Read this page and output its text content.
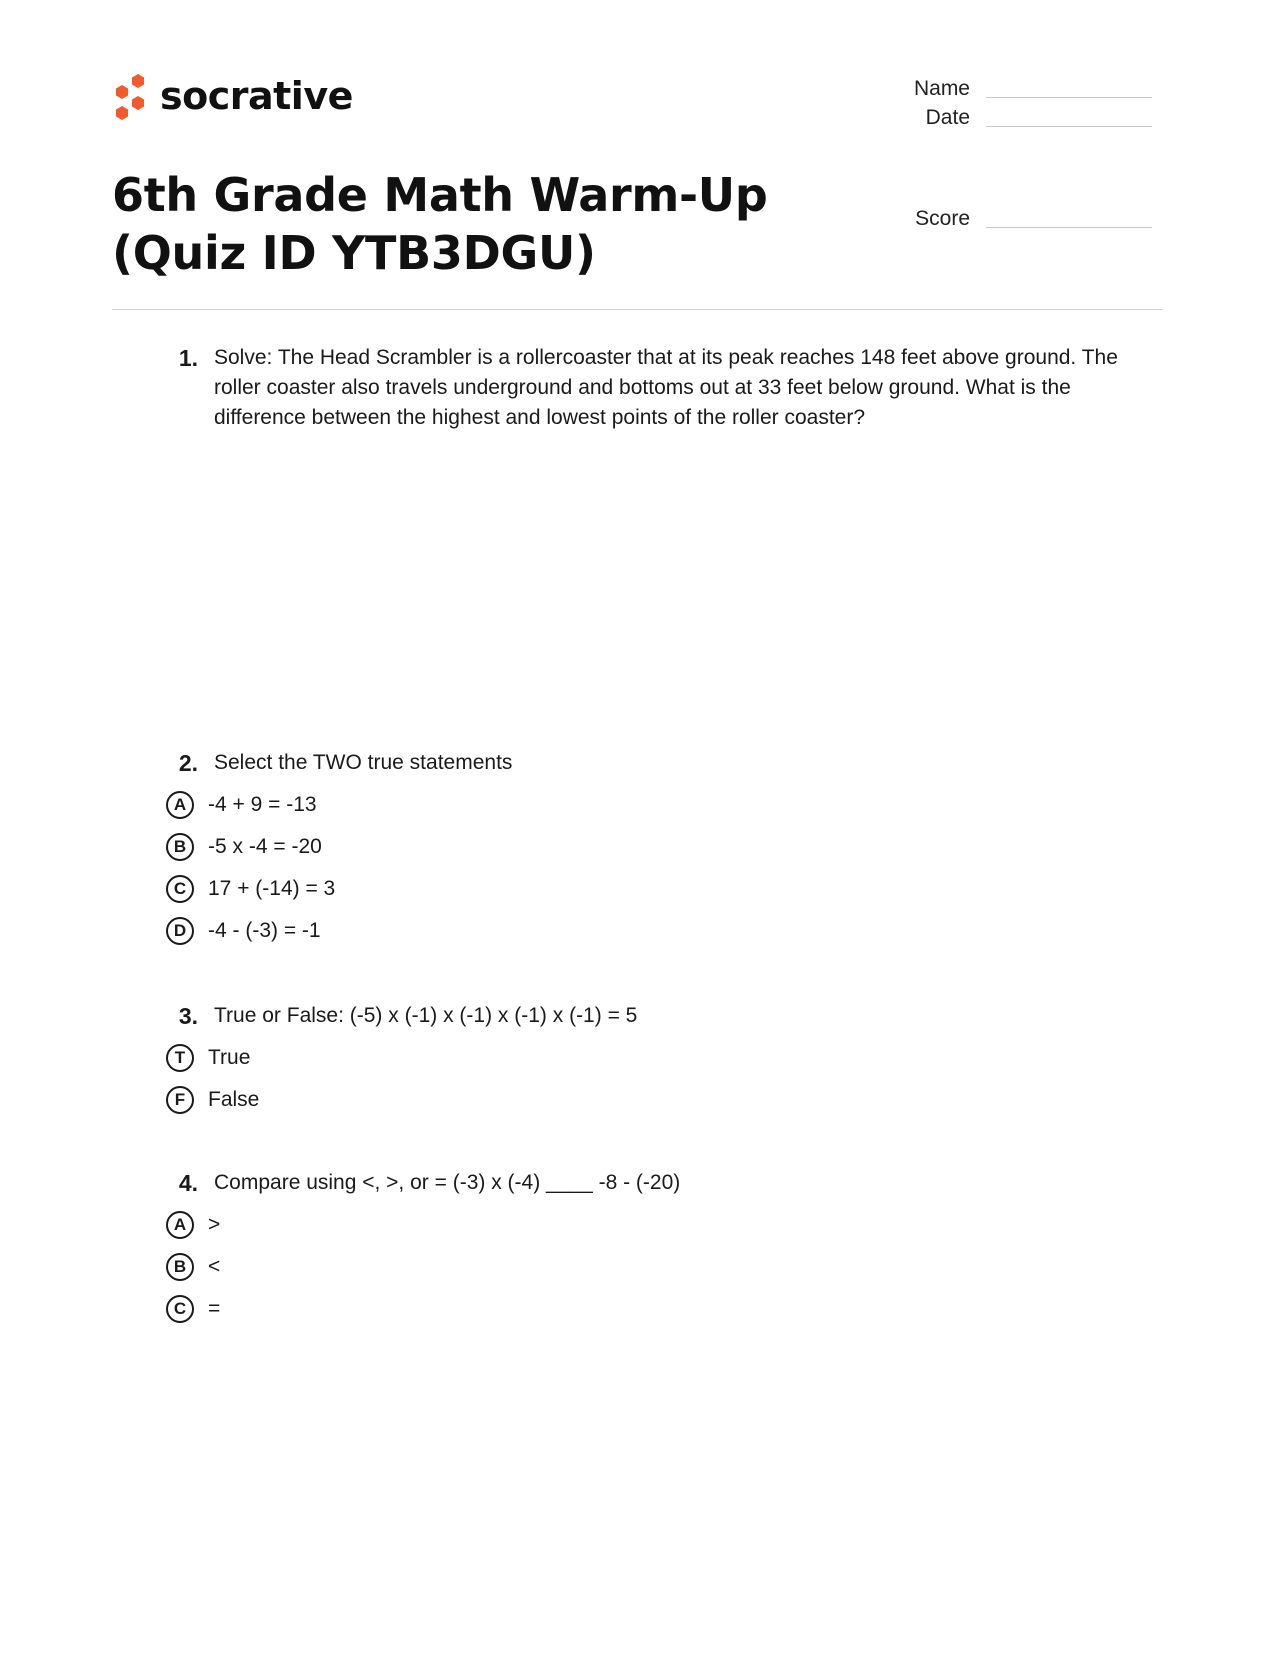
socrative
6th Grade Math Warm-Up (Quiz ID YTB3DGU)
Name
Date
Score
1. Solve: The Head Scrambler is a rollercoaster that at its peak reaches 148 feet above ground. The roller coaster also travels underground and bottoms out at 33 feet below ground. What is the difference between the highest and lowest points of the roller coaster?
2. Select the TWO true statements
A	-4 + 9 = -13
B	-5 x -4 = -20
C	17 + (-14) = 3
D	-4 - (-3) = -1
3. True or False: (-5) x (-1) x (-1) x (-1) x (-1) = 5
T	True
F	False
4. Compare using <, >, or = (-3) x (-4) ____ -8 - (-20)
A	>
B	<
C	=
